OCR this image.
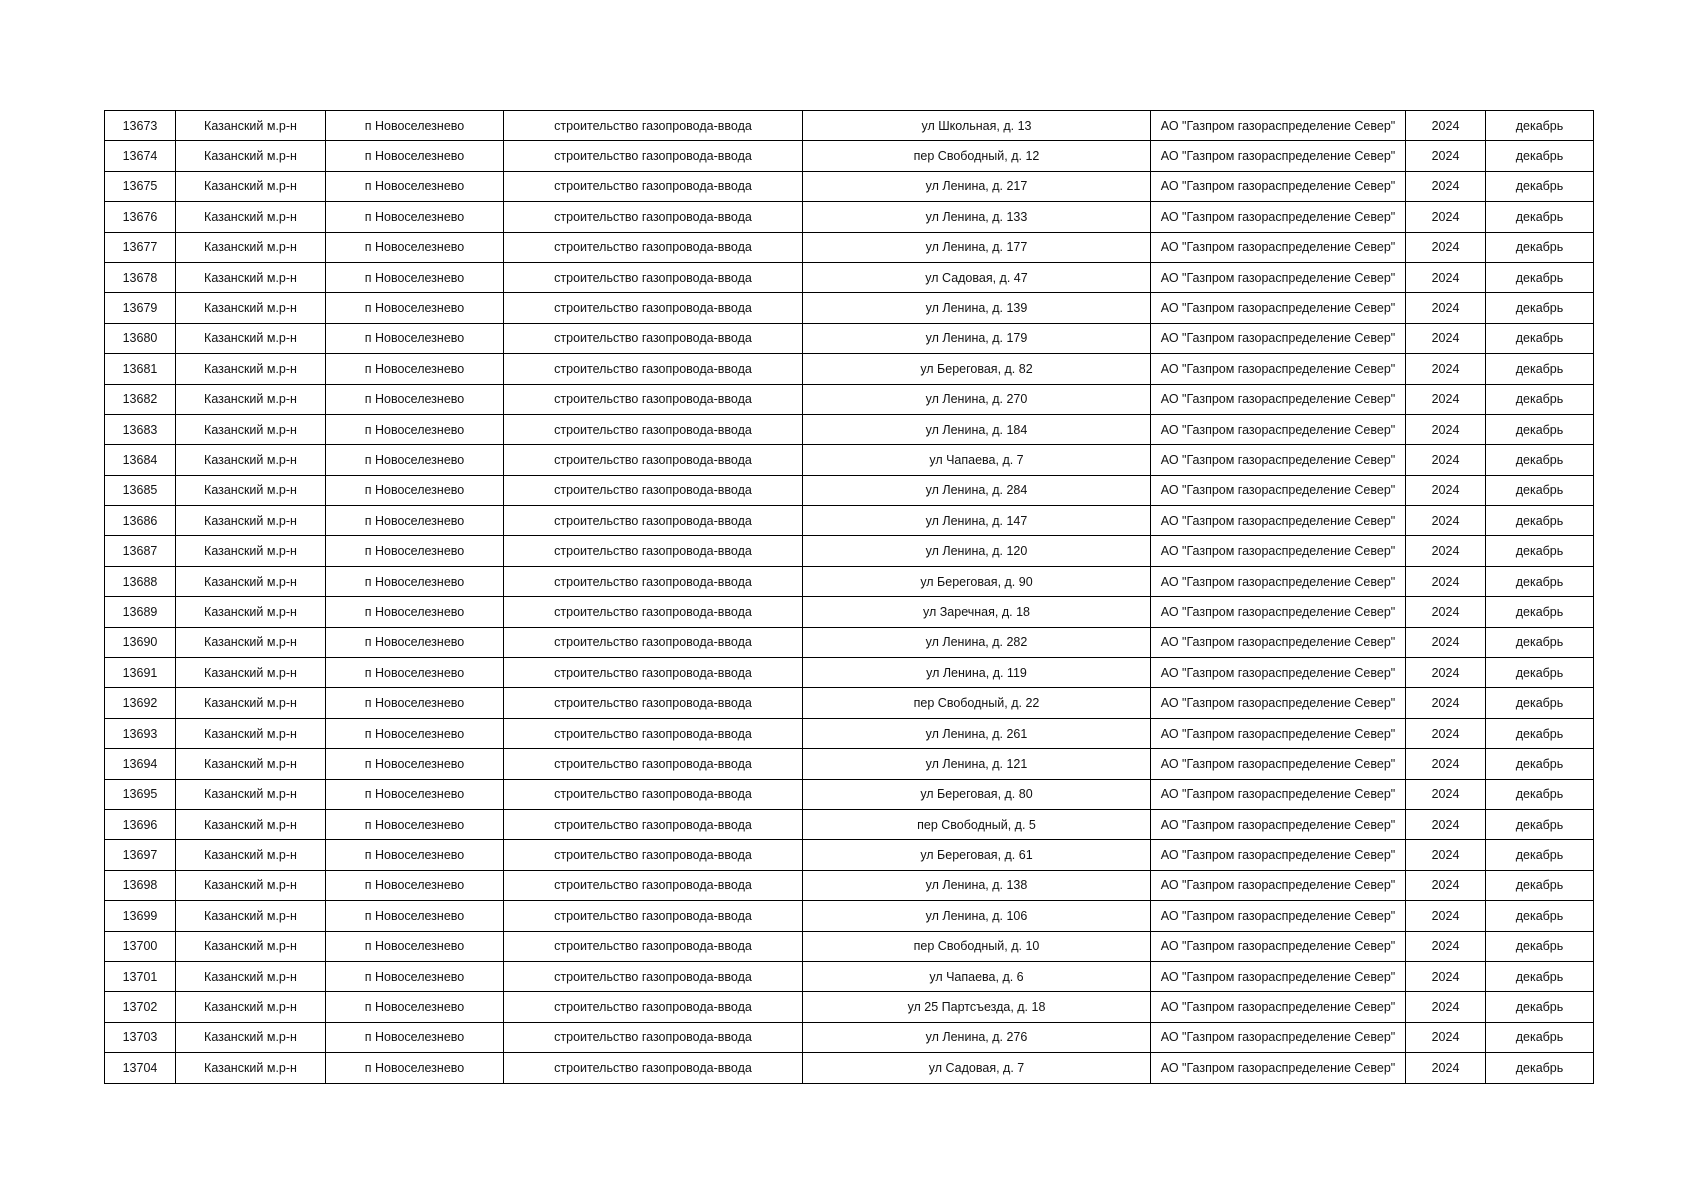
13673	Казанский м.р-н	п Новоселезнево	строительство газопровода-ввода	ул Школьная, д. 13	АО "Газпром газораспределение Север"	2024	декабрь
13674	Казанский м.р-н	п Новоселезнево	строительство газопровода-ввода	пер Свободный, д. 12	АО "Газпром газораспределение Север"	2024	декабрь
13675	Казанский м.р-н	п Новоселезнево	строительство газопровода-ввода	ул Ленина, д. 217	АО "Газпром газораспределение Север"	2024	декабрь
13676	Казанский м.р-н	п Новоселезнево	строительство газопровода-ввода	ул Ленина, д. 133	АО "Газпром газораспределение Север"	2024	декабрь
13677	Казанский м.р-н	п Новоселезнево	строительство газопровода-ввода	ул Ленина, д. 177	АО "Газпром газораспределение Север"	2024	декабрь
13678	Казанский м.р-н	п Новоселезнево	строительство газопровода-ввода	ул Садовая, д. 47	АО "Газпром газораспределение Север"	2024	декабрь
13679	Казанский м.р-н	п Новоселезнево	строительство газопровода-ввода	ул Ленина, д. 139	АО "Газпром газораспределение Север"	2024	декабрь
13680	Казанский м.р-н	п Новоселезнево	строительство газопровода-ввода	ул Ленина, д. 179	АО "Газпром газораспределение Север"	2024	декабрь
13681	Казанский м.р-н	п Новоселезнево	строительство газопровода-ввода	ул Береговая, д. 82	АО "Газпром газораспределение Север"	2024	декабрь
13682	Казанский м.р-н	п Новоселезнево	строительство газопровода-ввода	ул Ленина, д. 270	АО "Газпром газораспределение Север"	2024	декабрь
13683	Казанский м.р-н	п Новоселезнево	строительство газопровода-ввода	ул Ленина, д. 184	АО "Газпром газораспределение Север"	2024	декабрь
13684	Казанский м.р-н	п Новоселезнево	строительство газопровода-ввода	ул Чапаева, д. 7	АО "Газпром газораспределение Север"	2024	декабрь
13685	Казанский м.р-н	п Новоселезнево	строительство газопровода-ввода	ул Ленина, д. 284	АО "Газпром газораспределение Север"	2024	декабрь
13686	Казанский м.р-н	п Новоселезнево	строительство газопровода-ввода	ул Ленина, д. 147	АО "Газпром газораспределение Север"	2024	декабрь
13687	Казанский м.р-н	п Новоселезнево	строительство газопровода-ввода	ул Ленина, д. 120	АО "Газпром газораспределение Север"	2024	декабрь
13688	Казанский м.р-н	п Новоселезнево	строительство газопровода-ввода	ул Береговая, д. 90	АО "Газпром газораспределение Север"	2024	декабрь
13689	Казанский м.р-н	п Новоселезнево	строительство газопровода-ввода	ул Заречная, д. 18	АО "Газпром газораспределение Север"	2024	декабрь
13690	Казанский м.р-н	п Новоселезнево	строительство газопровода-ввода	ул Ленина, д. 282	АО "Газпром газораспределение Север"	2024	декабрь
13691	Казанский м.р-н	п Новоселезнево	строительство газопровода-ввода	ул Ленина, д. 119	АО "Газпром газораспределение Север"	2024	декабрь
13692	Казанский м.р-н	п Новоселезнево	строительство газопровода-ввода	пер Свободный, д. 22	АО "Газпром газораспределение Север"	2024	декабрь
13693	Казанский м.р-н	п Новоселезнево	строительство газопровода-ввода	ул Ленина, д. 261	АО "Газпром газораспределение Север"	2024	декабрь
13694	Казанский м.р-н	п Новоселезнево	строительство газопровода-ввода	ул Ленина, д. 121	АО "Газпром газораспределение Север"	2024	декабрь
13695	Казанский м.р-н	п Новоселезнево	строительство газопровода-ввода	ул Береговая, д. 80	АО "Газпром газораспределение Север"	2024	декабрь
13696	Казанский м.р-н	п Новоселезнево	строительство газопровода-ввода	пер Свободный, д. 5	АО "Газпром газораспределение Север"	2024	декабрь
13697	Казанский м.р-н	п Новоселезнево	строительство газопровода-ввода	ул Береговая, д. 61	АО "Газпром газораспределение Север"	2024	декабрь
13698	Казанский м.р-н	п Новоселезнево	строительство газопровода-ввода	ул Ленина, д. 138	АО "Газпром газораспределение Север"	2024	декабрь
13699	Казанский м.р-н	п Новоселезнево	строительство газопровода-ввода	ул Ленина, д. 106	АО "Газпром газораспределение Север"	2024	декабрь
13700	Казанский м.р-н	п Новоселезнево	строительство газопровода-ввода	пер Свободный, д. 10	АО "Газпром газораспределение Север"	2024	декабрь
13701	Казанский м.р-н	п Новоселезнево	строительство газопровода-ввода	ул Чапаева, д. 6	АО "Газпром газораспределение Север"	2024	декабрь
13702	Казанский м.р-н	п Новоселезнево	строительство газопровода-ввода	ул 25 Партсъезда, д. 18	АО "Газпром газораспределение Север"	2024	декабрь
13703	Казанский м.р-н	п Новоселезнево	строительство газопровода-ввода	ул Ленина, д. 276	АО "Газпром газораспределение Север"	2024	декабрь
13704	Казанский м.р-н	п Новоселезнево	строительство газопровода-ввода	ул Садовая, д. 7	АО "Газпром газораспределение Север"	2024	декабрь
